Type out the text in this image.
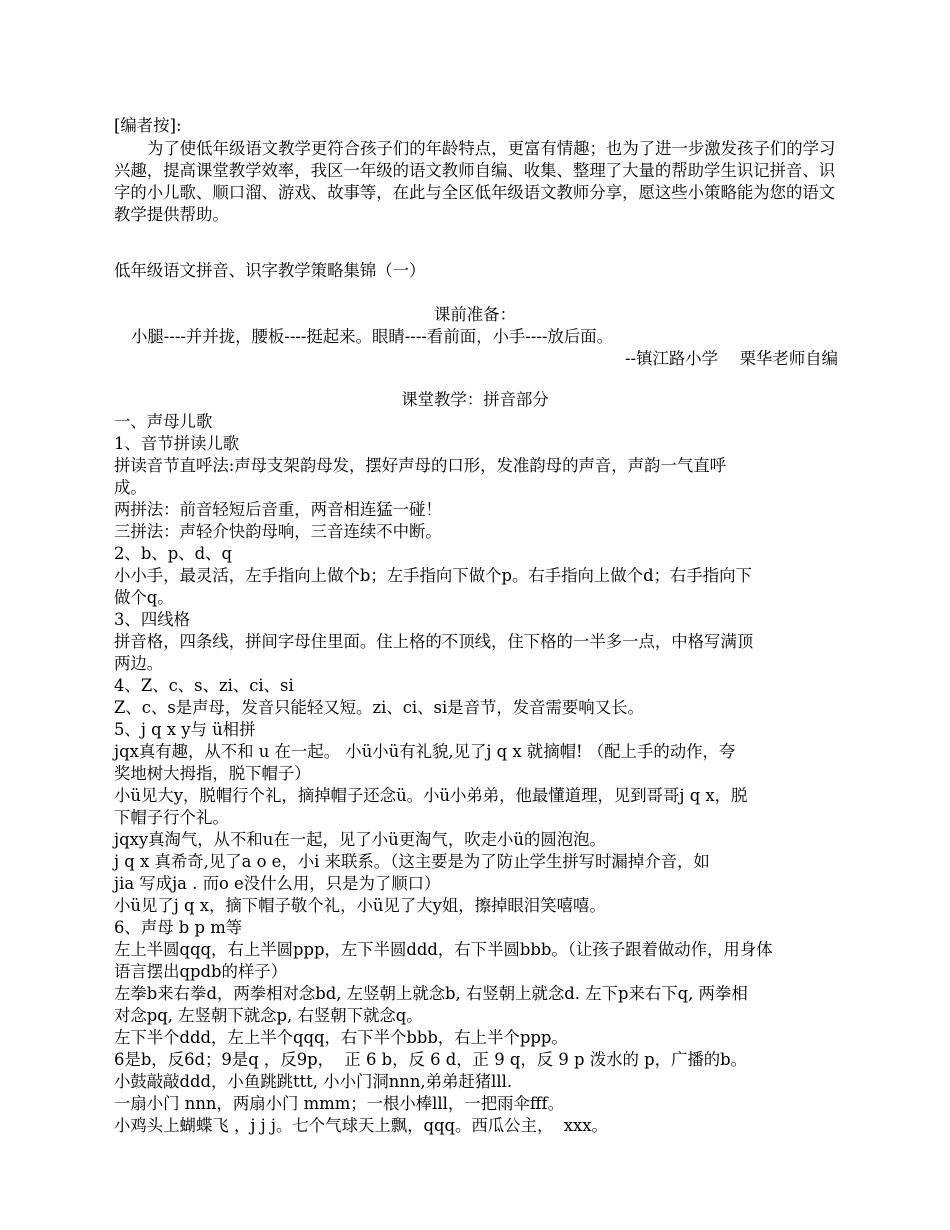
[编者按]:

为了使低年级语文教学更符合孩子们的年龄特点，更富有情趣；也为了进一步激发孩子们的学习兴趣，提高课堂教学效率，我区一年级的语文教师自编、收集、整理了大量的帮助学生识记拼音、识字的小儿歌、顺口溜、游戏、故事等，在此与全区低年级语文教师分享，愿这些小策略能为您的语文教学提供帮助。

低年级语文拼音、识字教学策略集锦（一）
课前准备：
小腿----并并拢，腰板----挺起来。眼睛----看前面，小手----放后面。
--镇江路小学　 栗华老师自编
课堂教学：拼音部分
一、声母儿歌
1、音节拼读儿歌
拼读音节直呼法:声母支架韵母发，摆好声母的口形，发准韵母的声音，声韵一气直呼
成。
两拼法：前音轻短后音重，两音相连猛一碰！
三拼法：声轻介快韵母响，三音连续不中断。
2、b、p、d、q
小小手，最灵活，左手指向上做个b；左手指向下做个p。右手指向上做个d；右手指向下
做个q。
3、四线格
拼音格，四条线，拼间字母住里面。住上格的不顶线，住下格的一半多一点，中格写满顶
两边。
4、Z、c、s、zi、ci、si
Z、c、s是声母，发音只能轻又短。zi、ci、si是音节，发音需要响又长。
5、j q x y与 ü相拼
jqx真有趣，从不和 u 在一起。 小ü小ü有礼貌,见了j q x 就摘帽! （配上手的动作，夸
奖地树大拇指，脱下帽子）
小ü见大y，脱帽行个礼，摘掉帽子还念ü。小ü小弟弟，他最懂道理，见到哥哥j q x，脱
下帽子行个礼。
jqxy真淘气，从不和u在一起，见了小ü更淘气，吹走小ü的圆泡泡。
j q x 真希奇,见了a o e，小i 来联系。（这主要是为了防止学生拼写时漏掉介音，如
jia 写成ja . 而o e没什么用，只是为了顺口）
小ü见了j q x，摘下帽子敬个礼，小ü见了大y姐，擦掉眼泪笑嘻嘻。
6、声母 b p m等
左上半圆qqq，右上半圆ppp，左下半圆ddd，右下半圆bbb。（让孩子跟着做动作，用身体
语言摆出qpdb的样子）
左拳b来右拳d，两拳相对念bd, 左竖朝上就念b, 右竖朝上就念d. 左下p来右下q, 两拳相
对念pq, 左竖朝下就念p, 右竖朝下就念q。
左下半个ddd，左上半个qqq，右下半个bbb，右上半个ppp。
6是b，反6d；9是q ，反9p，  正 6 b，反 6 d，正 9 q，反 9 p 泼水的 p，广播的b。
小鼓敲敲ddd，小鱼跳跳ttt, 小小门洞nnn,弟弟赶猪lll.
一扇小门 nnn，两扇小门 mmm；一根小棒lll，一把雨伞fff。
小鸡头上蝴蝶飞 ，j j j。七个气球天上飘，qqq。西瓜公主，  xxx。
